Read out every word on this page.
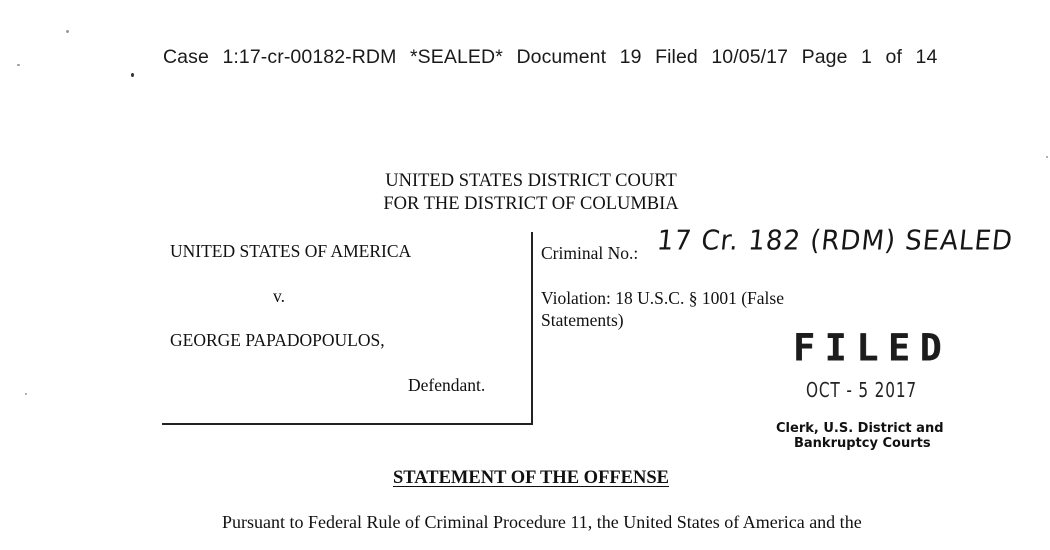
Case 1:17-cr-00182-RDM *SEALED* Document 19 Filed 10/05/17 Page 1 of 14
UNITED STATES DISTRICT COURT
FOR THE DISTRICT OF COLUMBIA
UNITED STATES OF AMERICA
v.
GEORGE PAPADOPOULOS,
Defendant.
Criminal No.: 17 Cr. 182 (RDM) SEALED
Violation: 18 U.S.C. § 1001 (False
Statements)
FILED
OCT - 5 2017
Clerk, U.S. District and
Bankruptcy Courts
STATEMENT OF THE OFFENSE
Pursuant to Federal Rule of Criminal Procedure 11, the United States of America and the
